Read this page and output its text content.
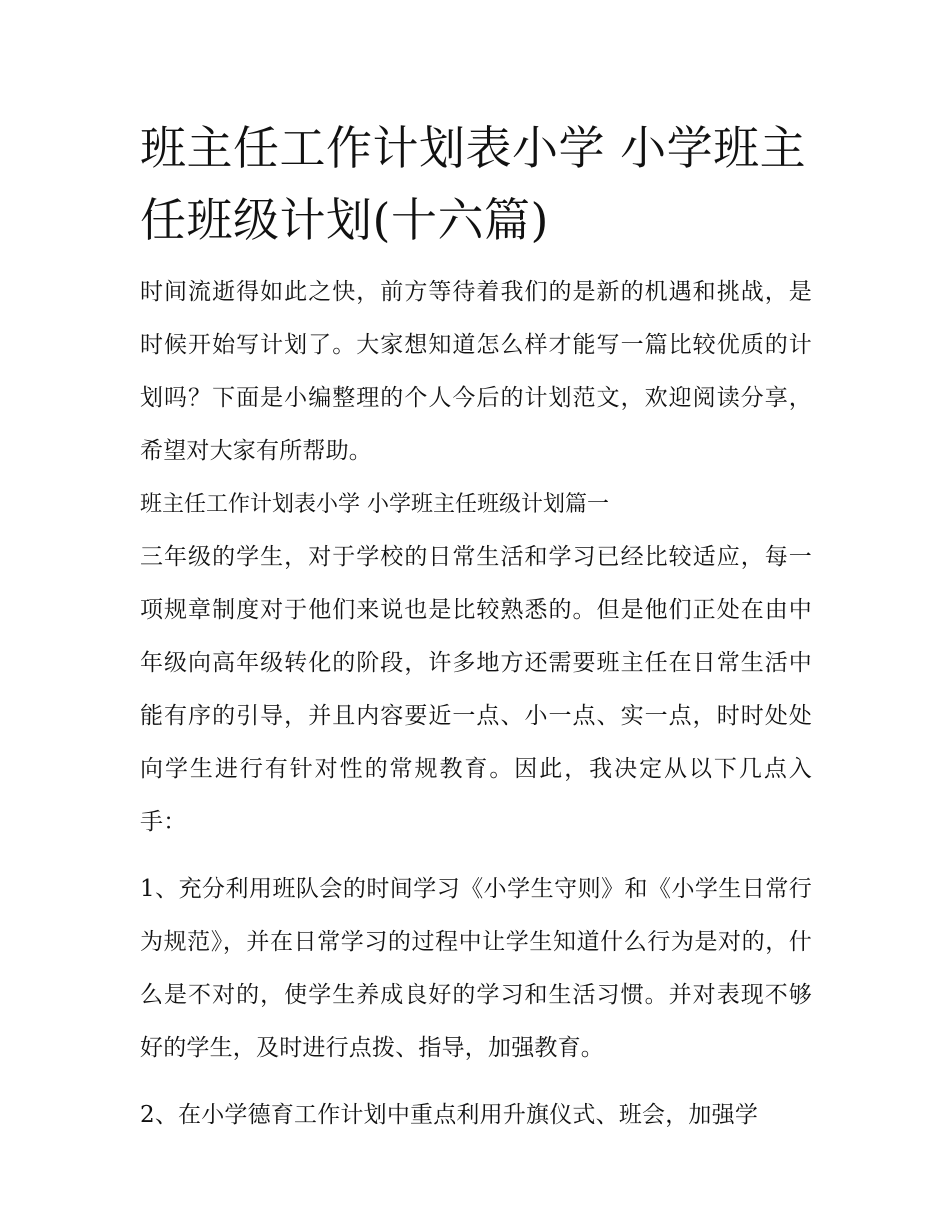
班主任工作计划表小学 小学班主任班级计划(十六篇)

时间流逝得如此之快，前方等待着我们的是新的机遇和挑战，是时候开始写计划了。大家想知道怎么样才能写一篇比较优质的计划吗？下面是小编整理的个人今后的计划范文，欢迎阅读分享，希望对大家有所帮助。

班主任工作计划表小学 小学班主任班级计划篇一

三年级的学生，对于学校的日常生活和学习已经比较适应，每一项规章制度对于他们来说也是比较熟悉的。但是他们正处在由中年级向高年级转化的阶段，许多地方还需要班主任在日常生活中能有序的引导，并且内容要近一点、小一点、实一点，时时处处向学生进行有针对性的常规教育。因此，我决定从以下几点入手：

1、充分利用班队会的时间学习《小学生守则》和《小学生日常行为规范》，并在日常学习的过程中让学生知道什么行为是对的，什么是不对的，使学生养成良好的学习和生活习惯。并对表现不够好的学生，及时进行点拨、指导，加强教育。

2、在小学德育工作计划中重点利用升旗仪式、班会，加强学
